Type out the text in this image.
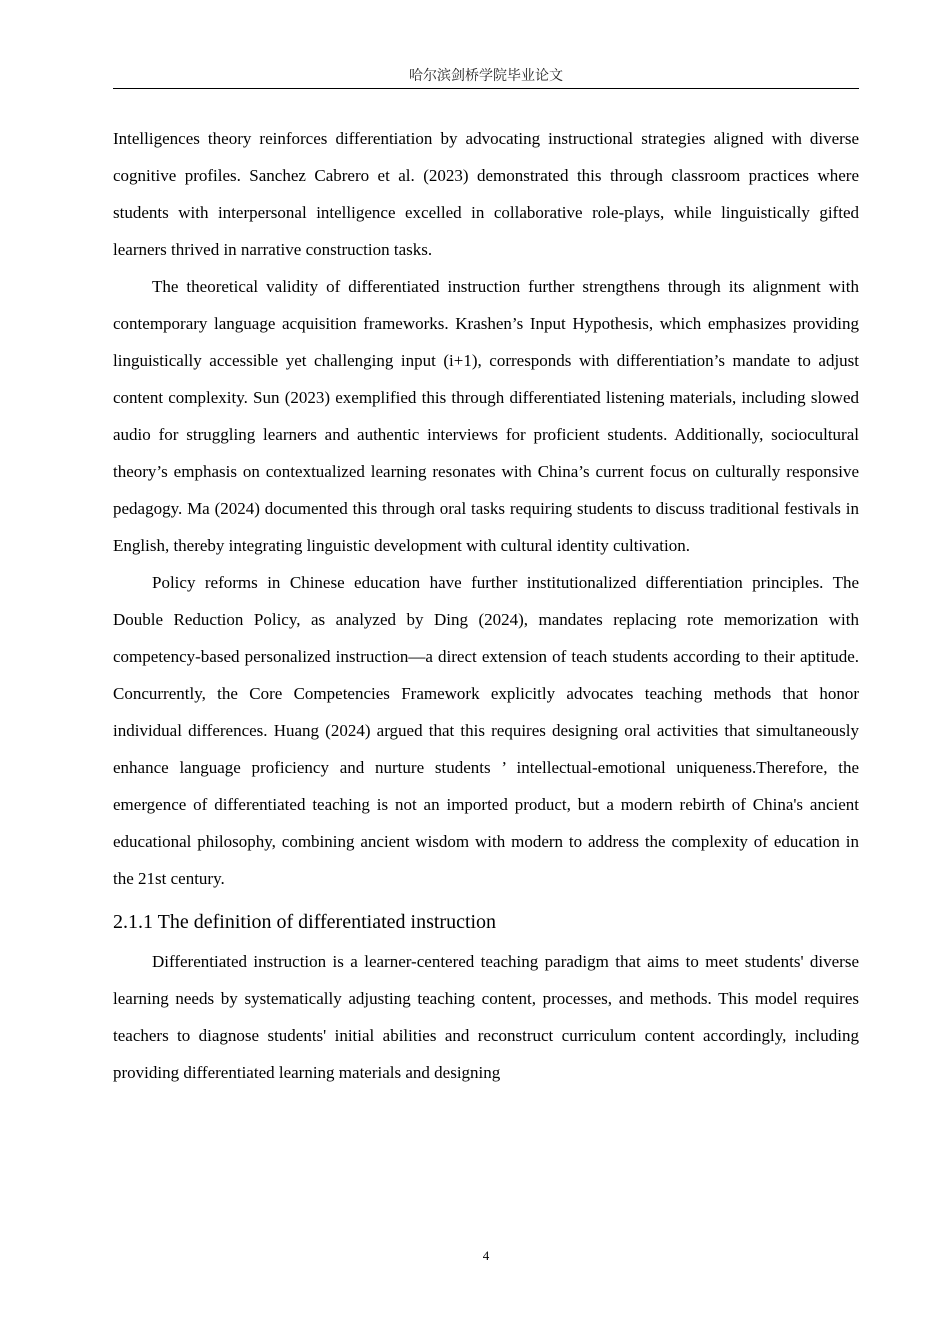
哈尔滨剑桥学院毕业论文

Intelligences theory reinforces differentiation by advocating instructional strategies aligned with diverse cognitive profiles. Sanchez Cabrero et al. (2023) demonstrated this through classroom practices where students with interpersonal intelligence excelled in collaborative role-plays, while linguistically gifted learners thrived in narrative construction tasks.

The theoretical validity of differentiated instruction further strengthens through its alignment with contemporary language acquisition frameworks. Krashen’s Input Hypothesis, which emphasizes providing linguistically accessible yet challenging input (i+1), corresponds with differentiation’s mandate to adjust content complexity. Sun (2023) exemplified this through differentiated listening materials, including slowed audio for struggling learners and authentic interviews for proficient students. Additionally, sociocultural theory’s emphasis on contextualized learning resonates with China’s current focus on culturally responsive pedagogy. Ma (2024) documented this through oral tasks requiring students to discuss traditional festivals in English, thereby integrating linguistic development with cultural identity cultivation.

Policy reforms in Chinese education have further institutionalized differentiation principles. The Double Reduction Policy, as analyzed by Ding (2024), mandates replacing rote memorization with competency-based personalized instruction—a direct extension of teach students according to their aptitude. Concurrently, the Core Competencies Framework explicitly advocates teaching methods that honor individual differences. Huang (2024) argued that this requires designing oral activities that simultaneously enhance language proficiency and nurture students ’ intellectual-emotional uniqueness.Therefore, the emergence of differentiated teaching is not an imported product, but a modern rebirth of China's ancient educational philosophy, combining ancient wisdom with modern to address the complexity of education in the 21st century.

2.1.1 The definition of differentiated instruction

Differentiated instruction is a learner-centered teaching paradigm that aims to meet students' diverse learning needs by systematically adjusting teaching content, processes, and methods. This model requires teachers to diagnose students' initial abilities and reconstruct curriculum content accordingly, including providing differentiated learning materials and designing

4
